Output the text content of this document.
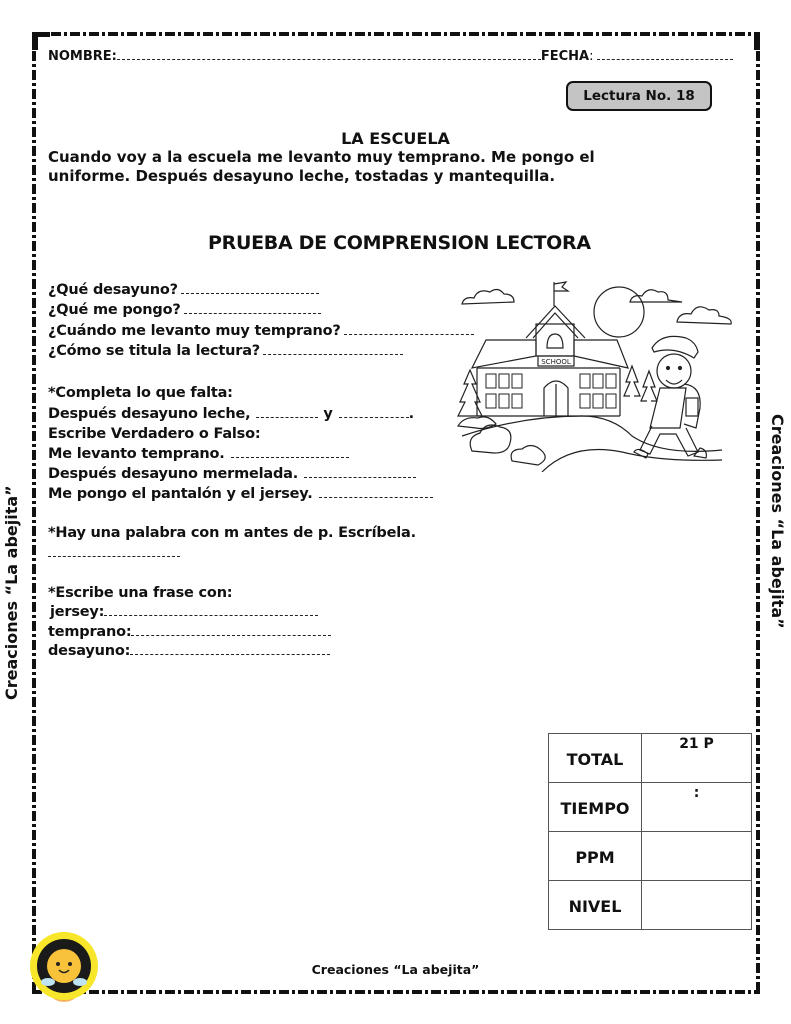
NOMBRE:	FECHA:
Lectura No. 18
LA ESCUELA
Cuando voy a la escuela me levanto muy temprano. Me pongo el
uniforme. Después desayuno leche, tostadas y mantequilla.
PRUEBA DE COMPRENSION LECTORA
¿Qué desayuno?
¿Qué me pongo?
¿Cuándo me levanto muy temprano?
¿Cómo se titula la lectura?
*Completa lo que falta:
Después desayuno leche,	y	.
Escribe Verdadero o Falso:
Me levanto temprano.
Después desayuno mermelada.
Me pongo el pantalón y el jersey.
*Hay una palabra con m antes de p. Escríbela.
*Escribe una frase con:
jersey:
temprano:
desayuno:
SCHOOL
TOTAL	21 P
TIEMPO	:
PPM	
NIVEL	
Creaciones “La abejita”	Creaciones “La abejita”
Creaciones “La abejita”
